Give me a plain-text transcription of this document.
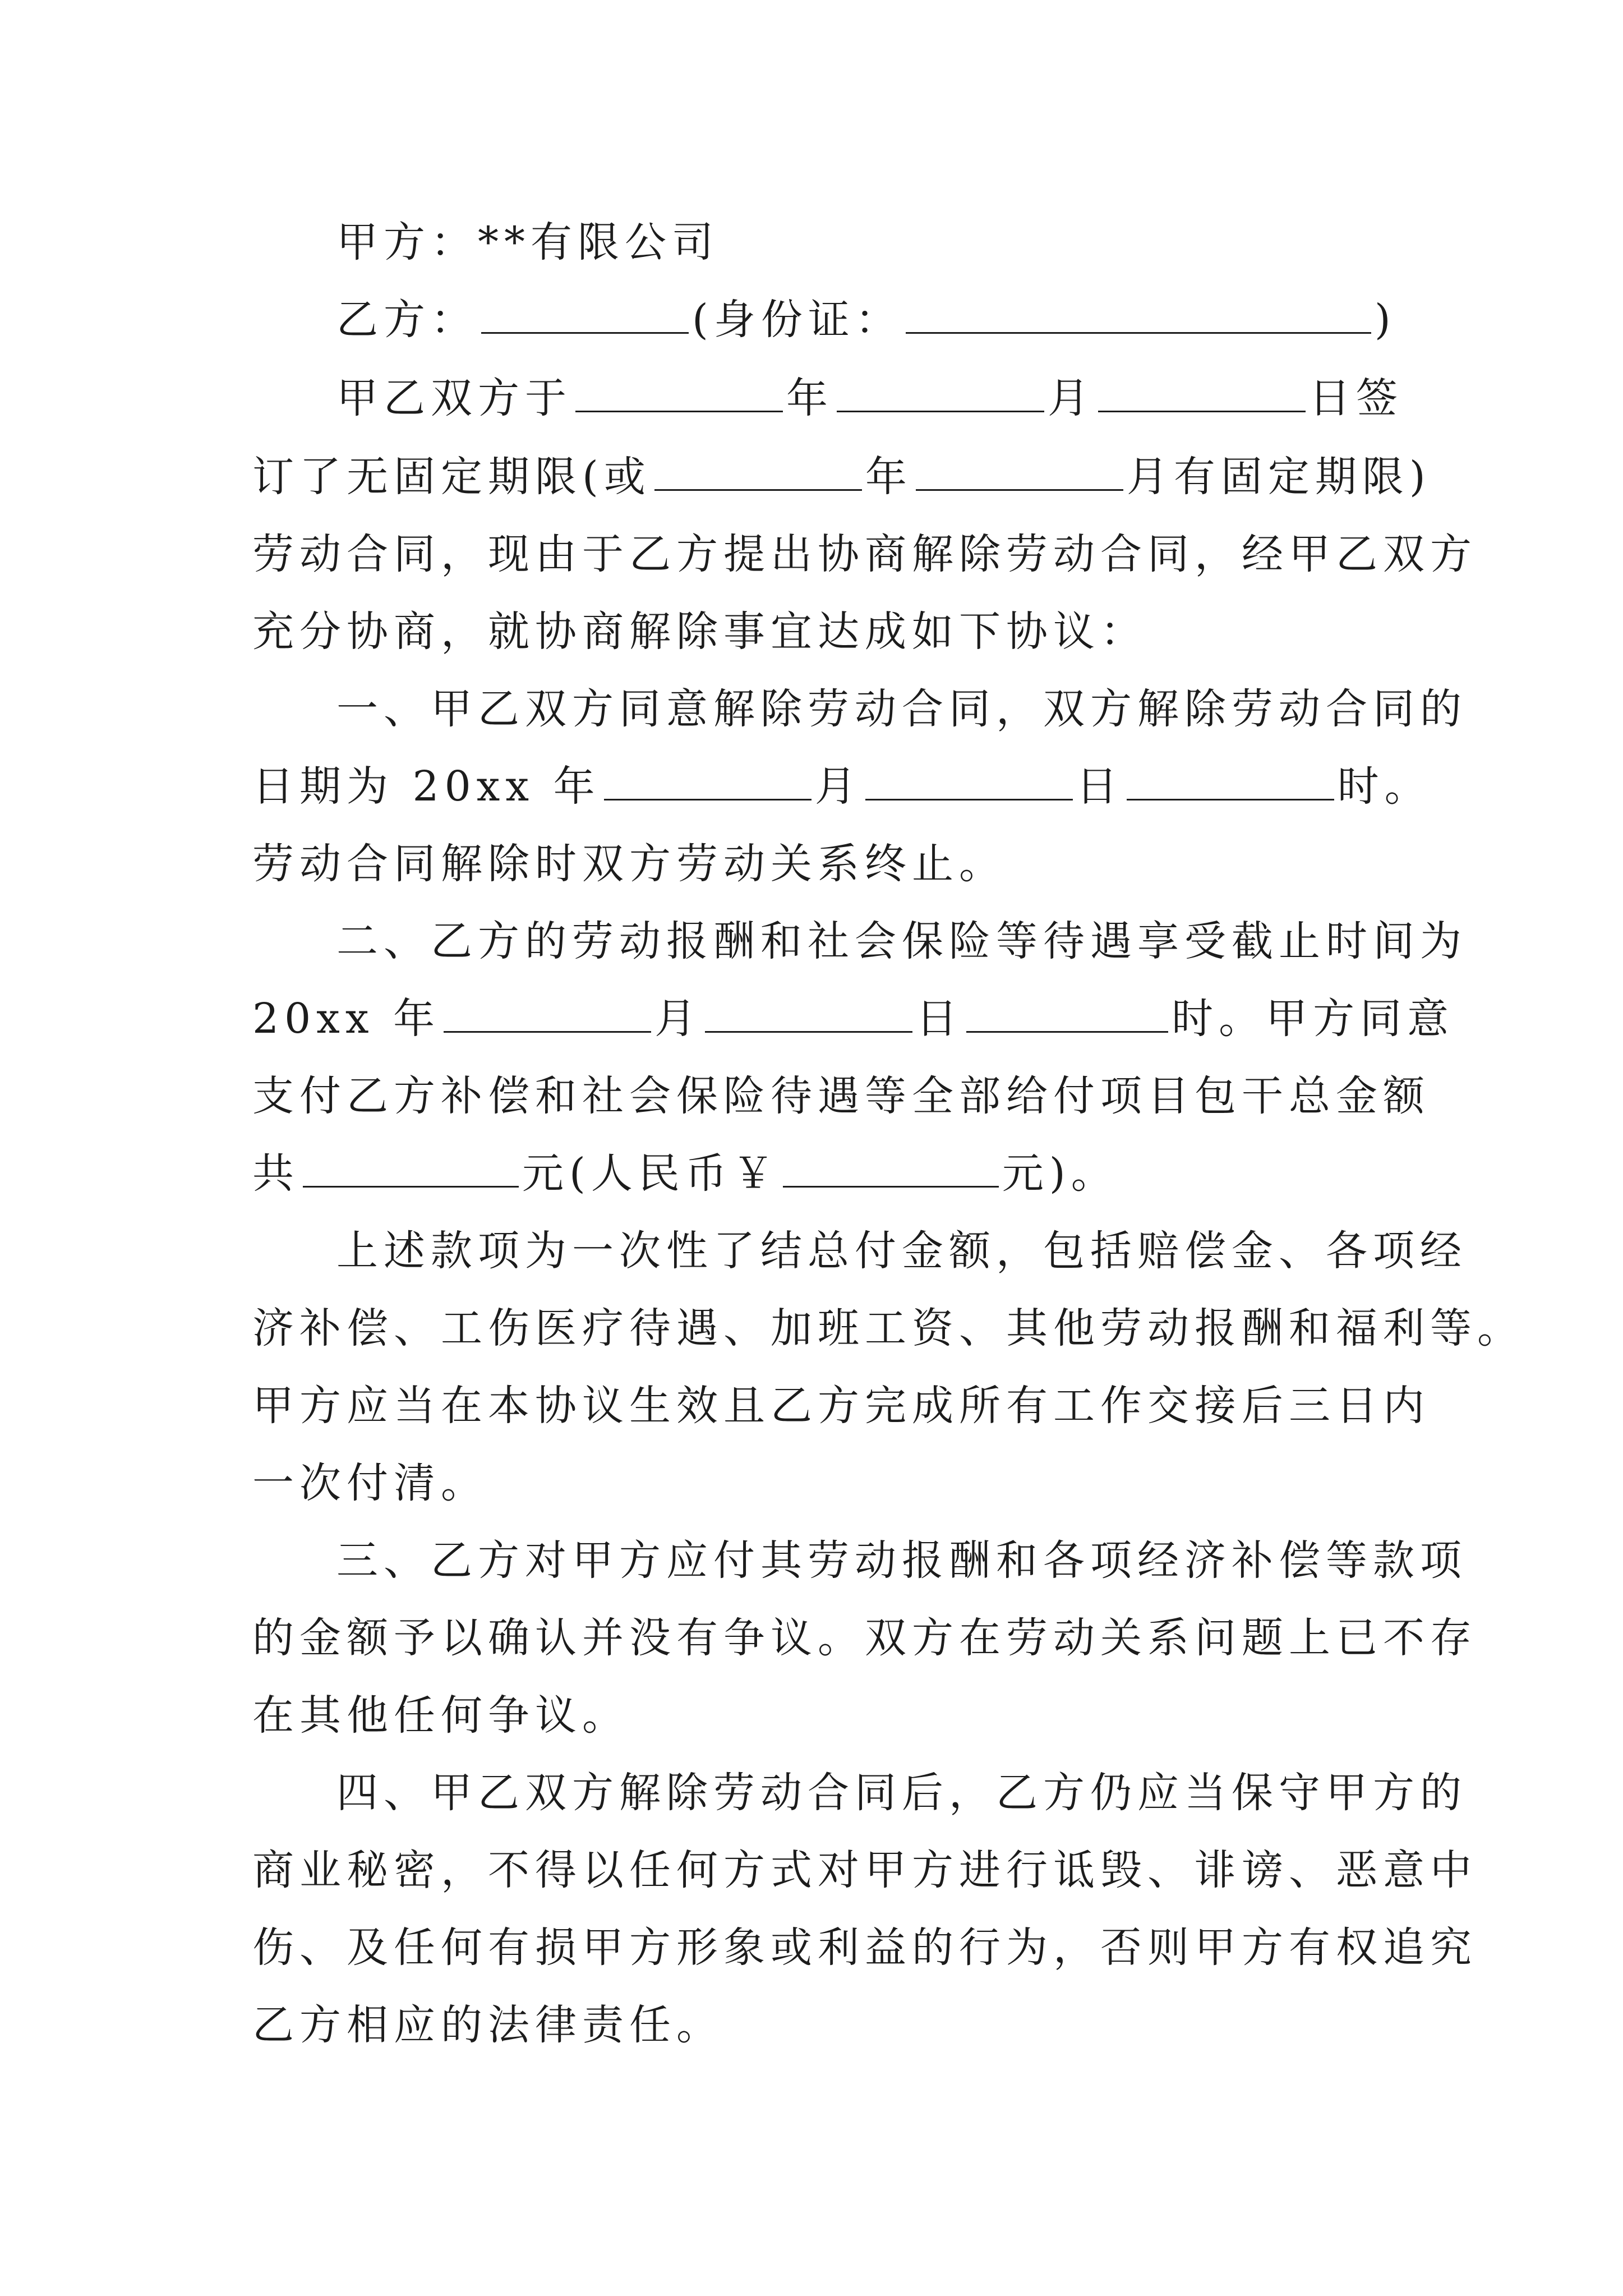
甲方：**有限公司
乙方：	(身份证：	)
甲乙双方于	年	月	日签
订了无固定期限(或	年	月有固定期限)
劳动合同，现由于乙方提出协商解除劳动合同，经甲乙双方
充分协商，就协商解除事宜达成如下协议：
一、甲乙双方同意解除劳动合同，双方解除劳动合同的
日期为 20xx 年	月	日	时。
劳动合同解除时双方劳动关系终止。
二、乙方的劳动报酬和社会保险等待遇享受截止时间为
20xx 年	月	日	时。甲方同意
支付乙方补偿和社会保险待遇等全部给付项目包干总金额
共	元(人民币￥	元)。
上述款项为一次性了结总付金额，包括赔偿金、各项经
济补偿、工伤医疗待遇、加班工资、其他劳动报酬和福利等。
甲方应当在本协议生效且乙方完成所有工作交接后三日内
一次付清。
三、乙方对甲方应付其劳动报酬和各项经济补偿等款项
的金额予以确认并没有争议。双方在劳动关系问题上已不存
在其他任何争议。
四、甲乙双方解除劳动合同后，乙方仍应当保守甲方的
商业秘密，不得以任何方式对甲方进行诋毁、诽谤、恶意中
伤、及任何有损甲方形象或利益的行为，否则甲方有权追究
乙方相应的法律责任。
